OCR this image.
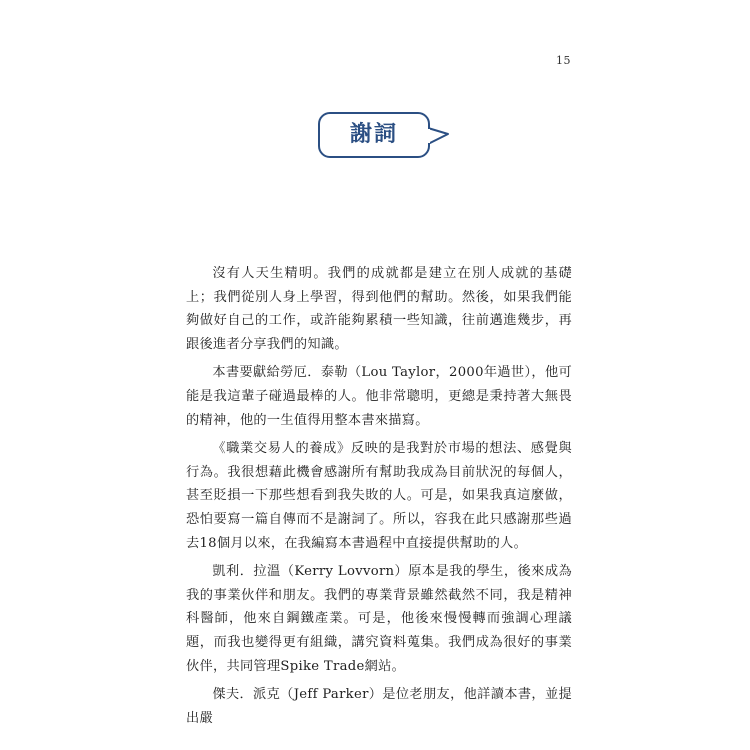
15
謝詞

沒有人天生精明。我們的成就都是建立在別人成就的基礎上；我們從別人身上學習，得到他們的幫助。然後，如果我們能夠做好自己的工作，或許能夠累積一些知識，往前邁進幾步，再跟後進者分享我們的知識。

本書要獻給勞厄．泰勒（Lou Taylor，2000年過世），他可能是我這輩子碰過最棒的人。他非常聰明，更總是秉持著大無畏的精神，他的一生值得用整本書來描寫。

《職業交易人的養成》反映的是我對於市場的想法、感覺與行為。我很想藉此機會感謝所有幫助我成為目前狀況的每個人，甚至貶損一下那些想看到我失敗的人。可是，如果我真這麼做，恐怕要寫一篇自傳而不是謝詞了。所以，容我在此只感謝那些過去18個月以來，在我編寫本書過程中直接提供幫助的人。

凱利．拉溫（Kerry Lovvorn）原本是我的學生，後來成為我的事業伙伴和朋友。我們的專業背景雖然截然不同，我是精神科醫師，他來自鋼鐵產業。可是，他後來慢慢轉而強調心理議題，而我也變得更有組織，講究資料蒐集。我們成為很好的事業伙伴，共同管理Spike Trade網站。

傑夫．派克（Jeff Parker）是位老朋友，他詳讀本書，並提出嚴
